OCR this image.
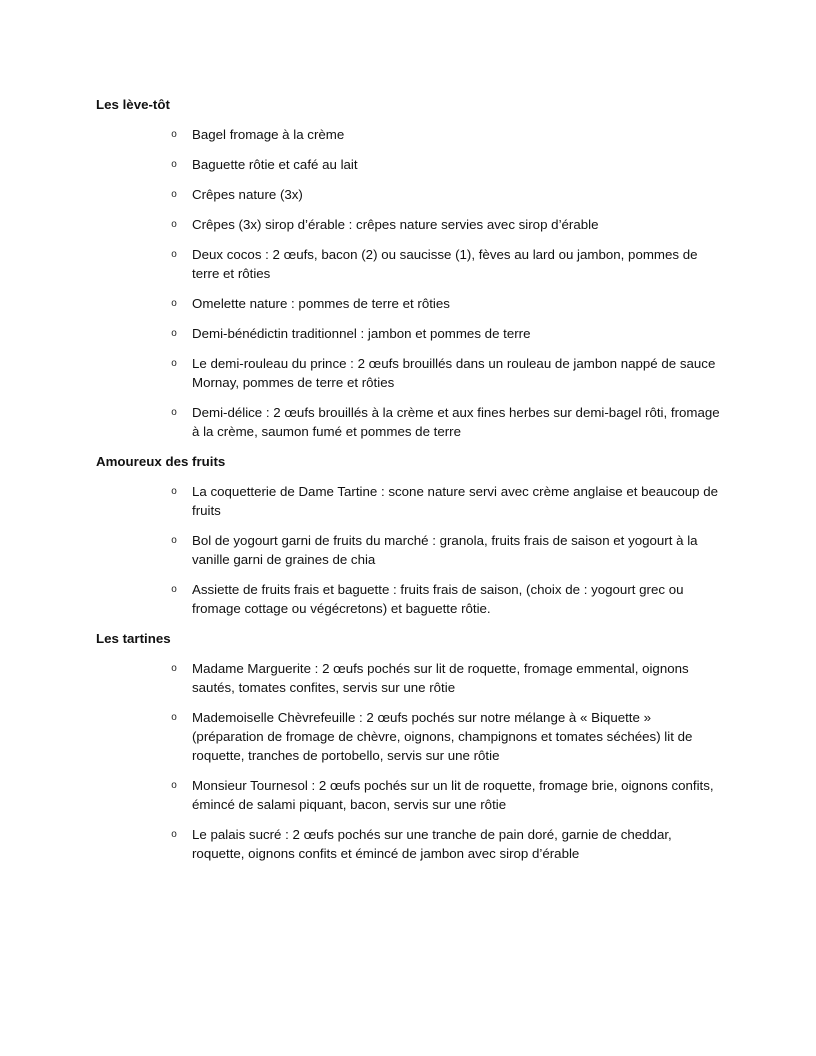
Les lève-tôt

o Bagel fromage à la crème
o Baguette rôtie et café au lait
o Crêpes nature (3x)
o Crêpes (3x) sirop d’érable : crêpes nature servies avec sirop d’érable
o Deux cocos : 2 œufs, bacon (2) ou saucisse (1), fèves au lard ou jambon, pommes de terre et rôties
o Omelette nature : pommes de terre et rôties
o Demi-bénédictin traditionnel : jambon et pommes de terre
o Le demi-rouleau du prince : 2 œufs brouillés dans un rouleau de jambon nappé de sauce Mornay, pommes de terre et rôties
o Demi-délice : 2 œufs brouillés à la crème et aux fines herbes sur demi-bagel rôti, fromage à la crème, saumon fumé et pommes de terre

Amoureux des fruits

o La coquetterie de Dame Tartine : scone nature servi avec crème anglaise et beaucoup de fruits
o Bol de yogourt garni de fruits du marché : granola, fruits frais de saison et yogourt à la vanille garni de graines de chia
o Assiette de fruits frais et baguette : fruits frais de saison, (choix de : yogourt grec ou fromage cottage ou végécretons) et baguette rôtie.

Les tartines

o Madame Marguerite : 2 œufs pochés sur lit de roquette, fromage emmental, oignons sautés, tomates confites, servis sur une rôtie
o Mademoiselle Chèvrefeuille : 2 œufs pochés sur notre mélange à « Biquette » (préparation de fromage de chèvre, oignons, champignons et tomates séchées) lit de roquette, tranches de portobello, servis sur une rôtie
o Monsieur Tournesol : 2 œufs pochés sur un lit de roquette, fromage brie, oignons confits, émincé de salami piquant, bacon, servis sur une rôtie
o Le palais sucré : 2 œufs pochés sur une tranche de pain doré, garnie de cheddar, roquette, oignons confits et émincé de jambon avec sirop d’érable
